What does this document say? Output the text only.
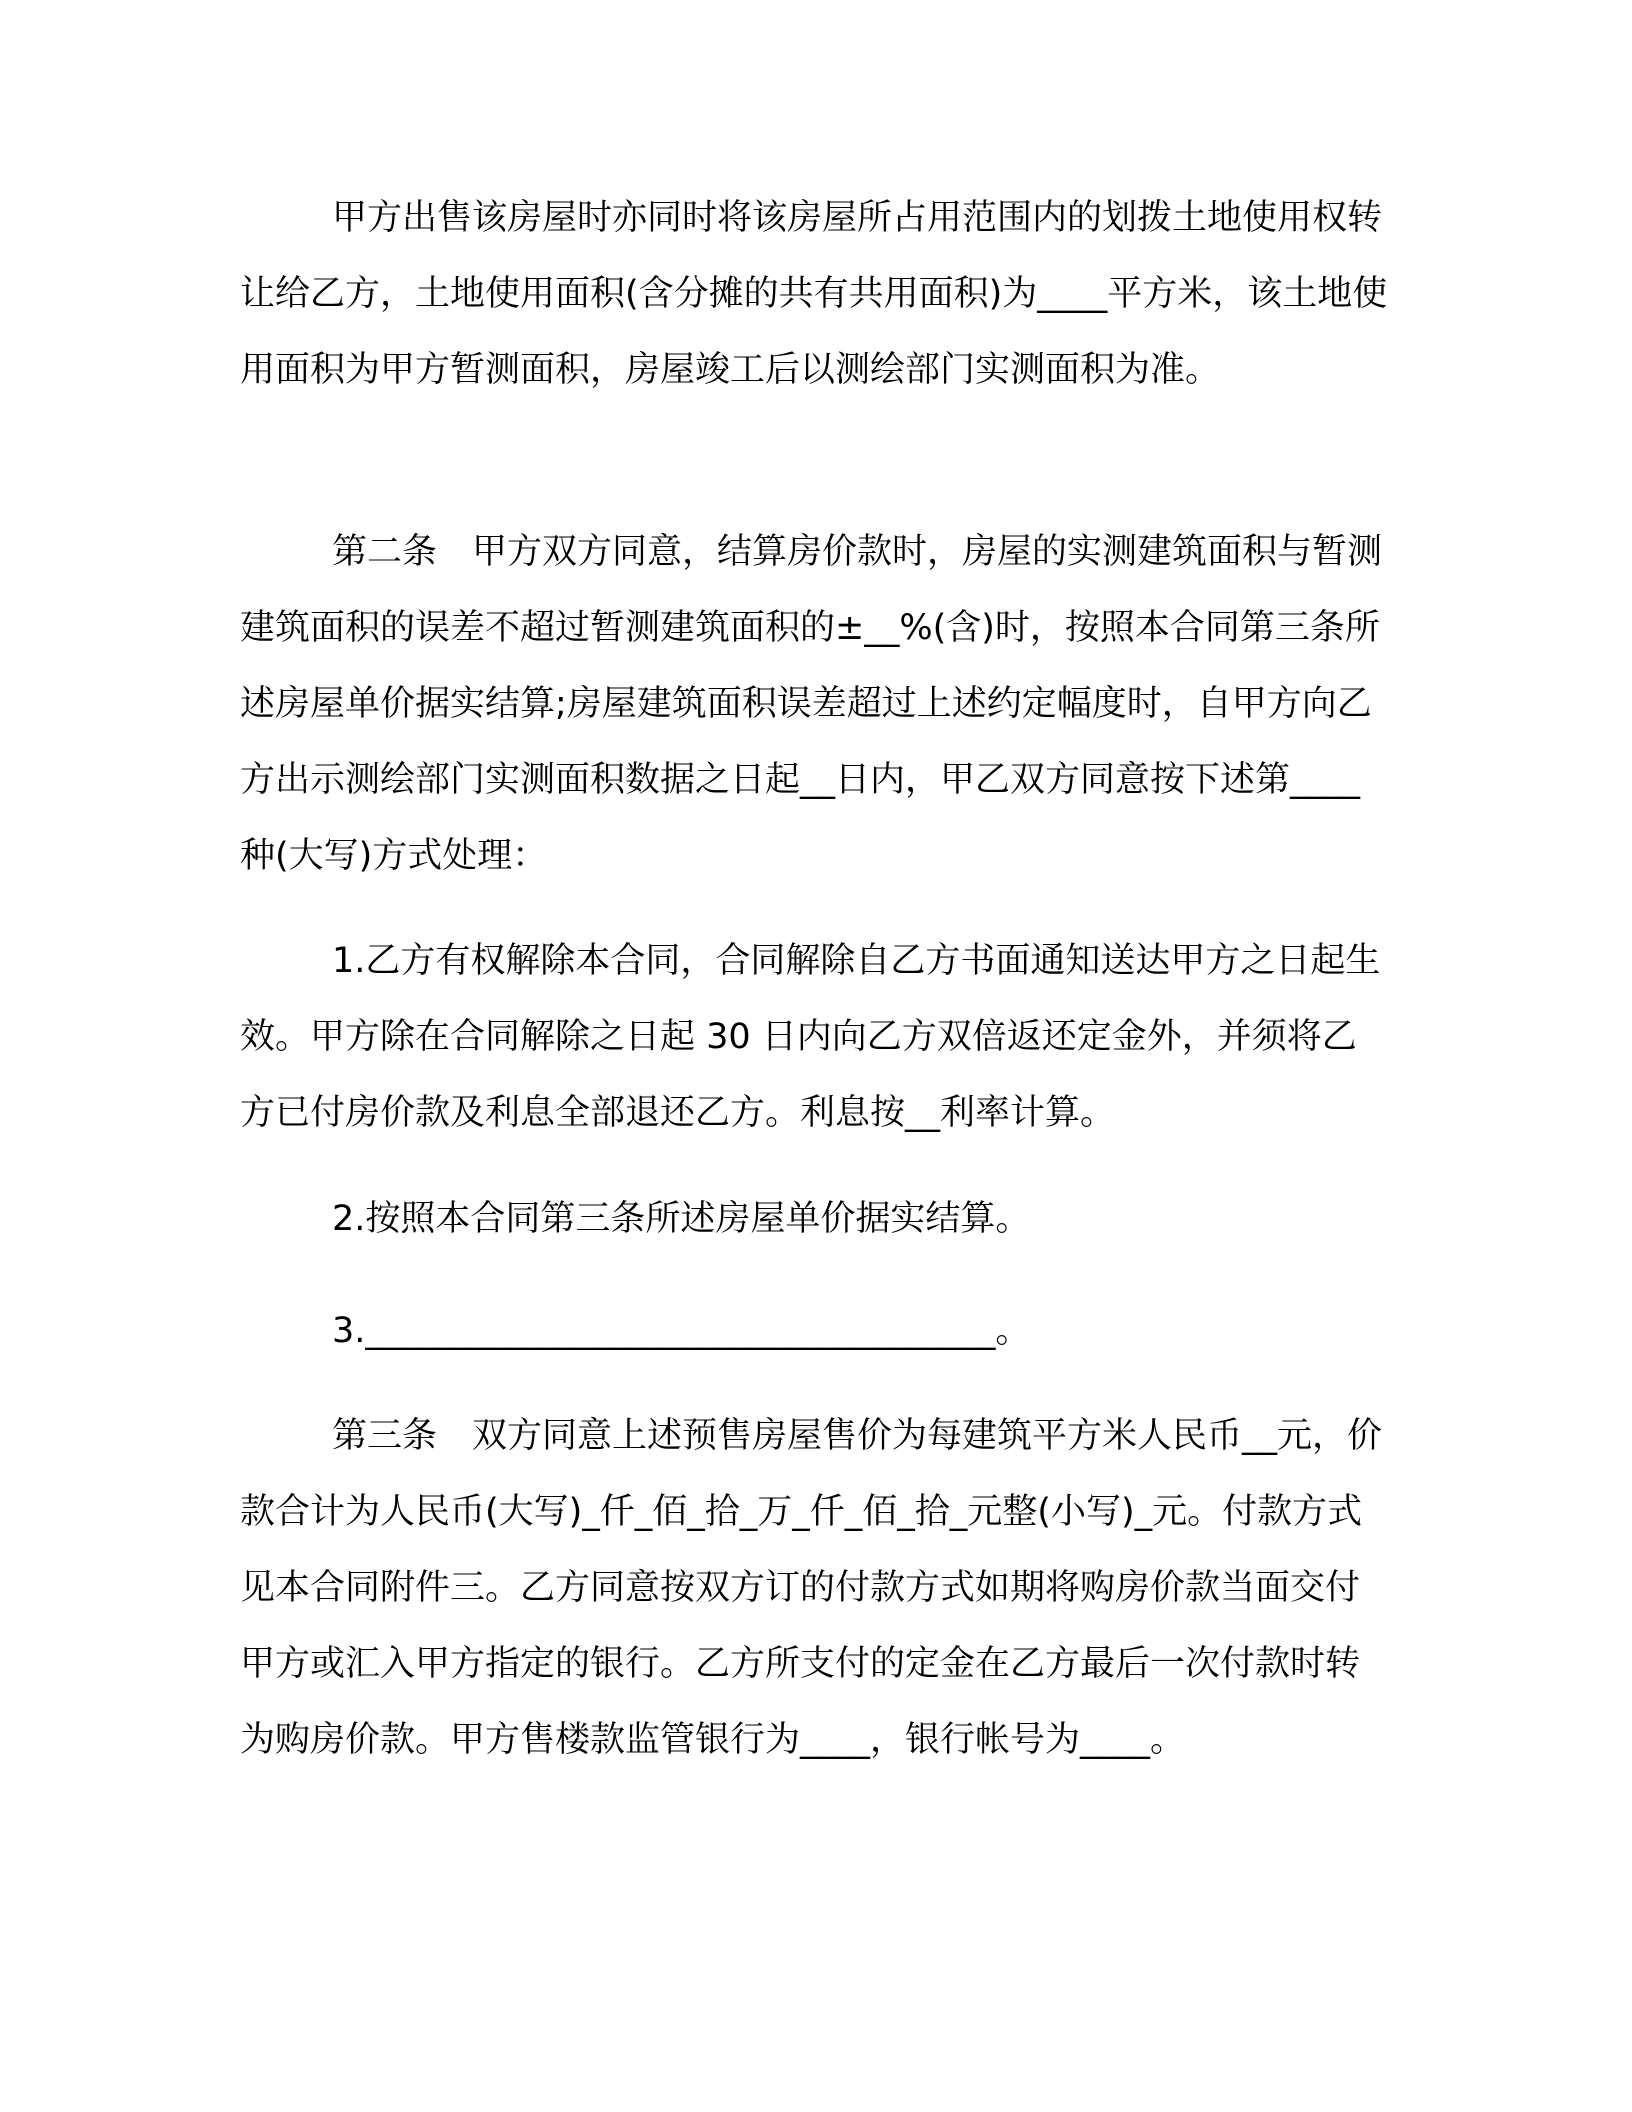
甲方出售该房屋时亦同时将该房屋所占用范围内的划拨土地使用权转让给乙方，土地使用面积(含分摊的共有共用面积)为____平方米，该土地使用面积为甲方暂测面积，房屋竣工后以测绘部门实测面积为准。

第二条　甲方双方同意，结算房价款时，房屋的实测建筑面积与暂测建筑面积的误差不超过暂测建筑面积的±__%(含)时，按照本合同第三条所述房屋单价据实结算;房屋建筑面积误差超过上述约定幅度时，自甲方向乙方出示测绘部门实测面积数据之日起__日内，甲乙双方同意按下述第____种(大写)方式处理：

1.乙方有权解除本合同，合同解除自乙方书面通知送达甲方之日起生效。甲方除在合同解除之日起 30 日内向乙方双倍返还定金外，并须将乙方已付房价款及利息全部退还乙方。利息按__利率计算。

2.按照本合同第三条所述房屋单价据实结算。

3.____________________________________。

第三条　双方同意上述预售房屋售价为每建筑平方米人民币__元，价款合计为人民币(大写)_仟_佰_拾_万_仟_佰_拾_元整(小写)_元。付款方式见本合同附件三。乙方同意按双方订的付款方式如期将购房价款当面交付甲方或汇入甲方指定的银行。乙方所支付的定金在乙方最后一次付款时转为购房价款。甲方售楼款监管银行为____，银行帐号为____。
